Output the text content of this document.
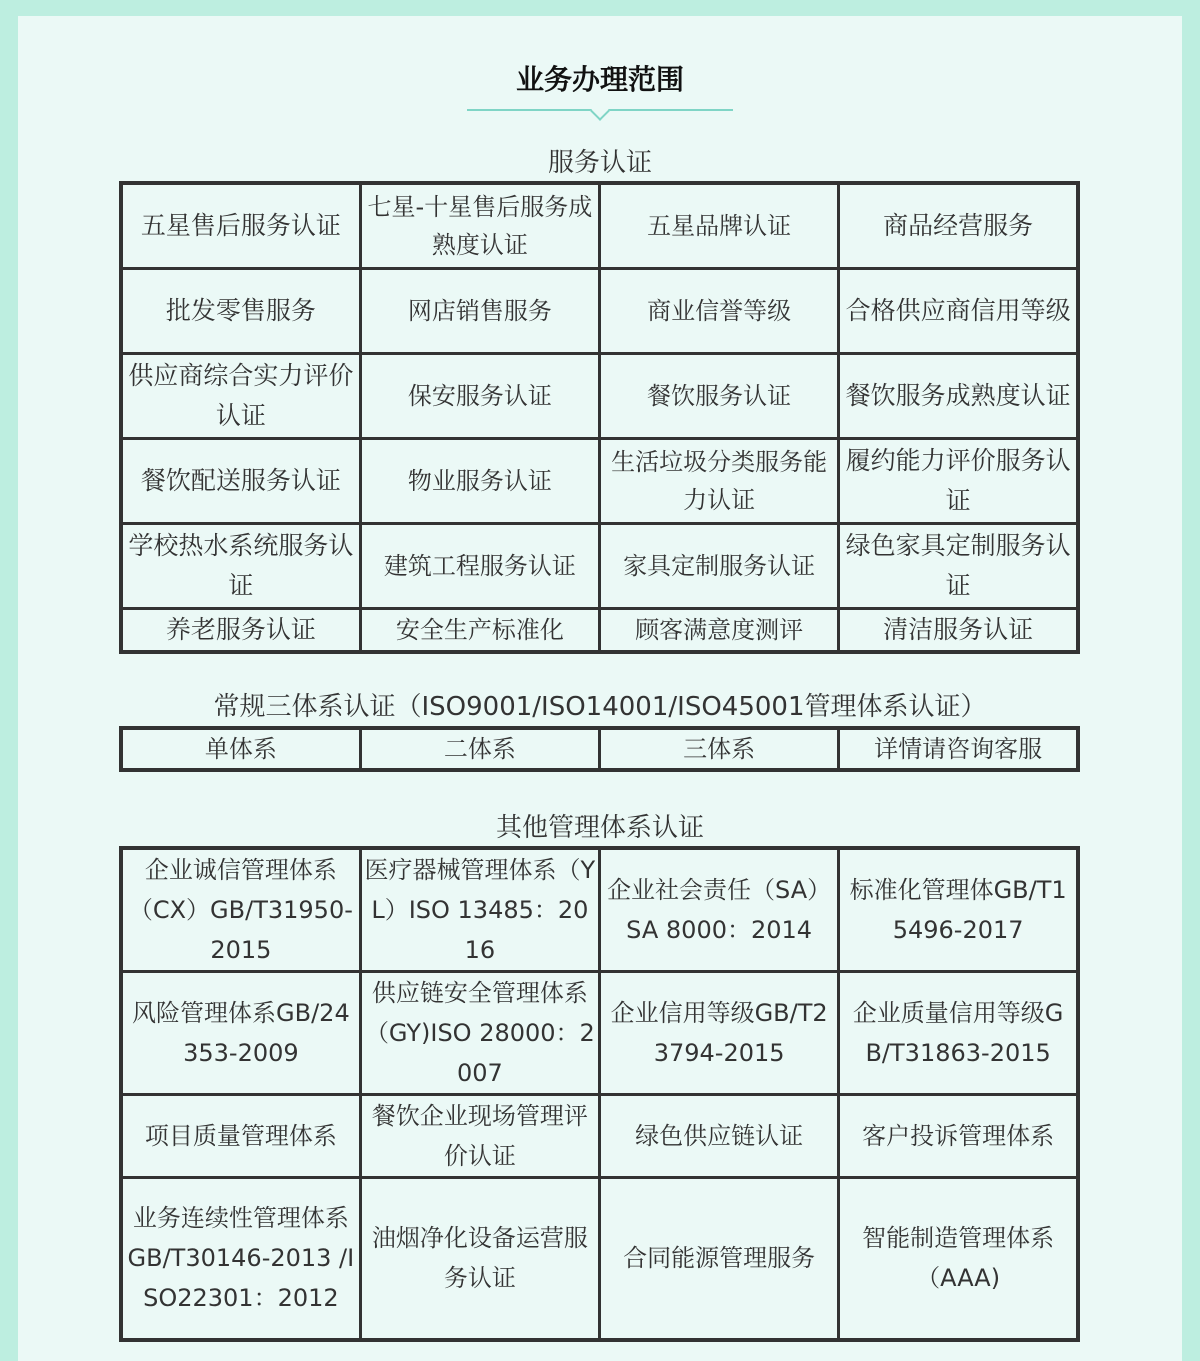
业务办理范围
服务认证
五星售后服务认证	七星-十星售后服务成熟度认证	五星品牌认证	商品经营服务
批发零售服务	网店销售服务	商业信誉等级	合格供应商信用等级
供应商综合实力评价认证	保安服务认证	餐饮服务认证	餐饮服务成熟度认证
餐饮配送服务认证	物业服务认证	生活垃圾分类服务能力认证	履约能力评价服务认证
学校热水系统服务认证	建筑工程服务认证	家具定制服务认证	绿色家具定制服务认证
养老服务认证	安全生产标准化	顾客满意度测评	清洁服务认证
常规三体系认证（ISO9001/ISO14001/ISO45001管理体系认证）
单体系	二体系	三体系	详情请咨询客服
其他管理体系认证
企业诚信管理体系（CX）GB/T31950-2015	医疗器械管理体系（YL）ISO 13485：2016	企业社会责任（SA）SA 8000：2014	标准化管理体GB/T15496-2017
风险管理体系GB/24353-2009	供应链安全管理体系 （GY)ISO 28000：2007	企业信用等级GB/T23794-2015	企业质量信用等级GB/T31863-2015
项目质量管理体系	餐饮企业现场管理评价认证	绿色供应链认证	客户投诉管理体系
业务连续性管理体系GB/T30146-2013 /ISO22301：2012	油烟净化设备运营服务认证	合同能源管理服务	智能制造管理体系（AAA)
